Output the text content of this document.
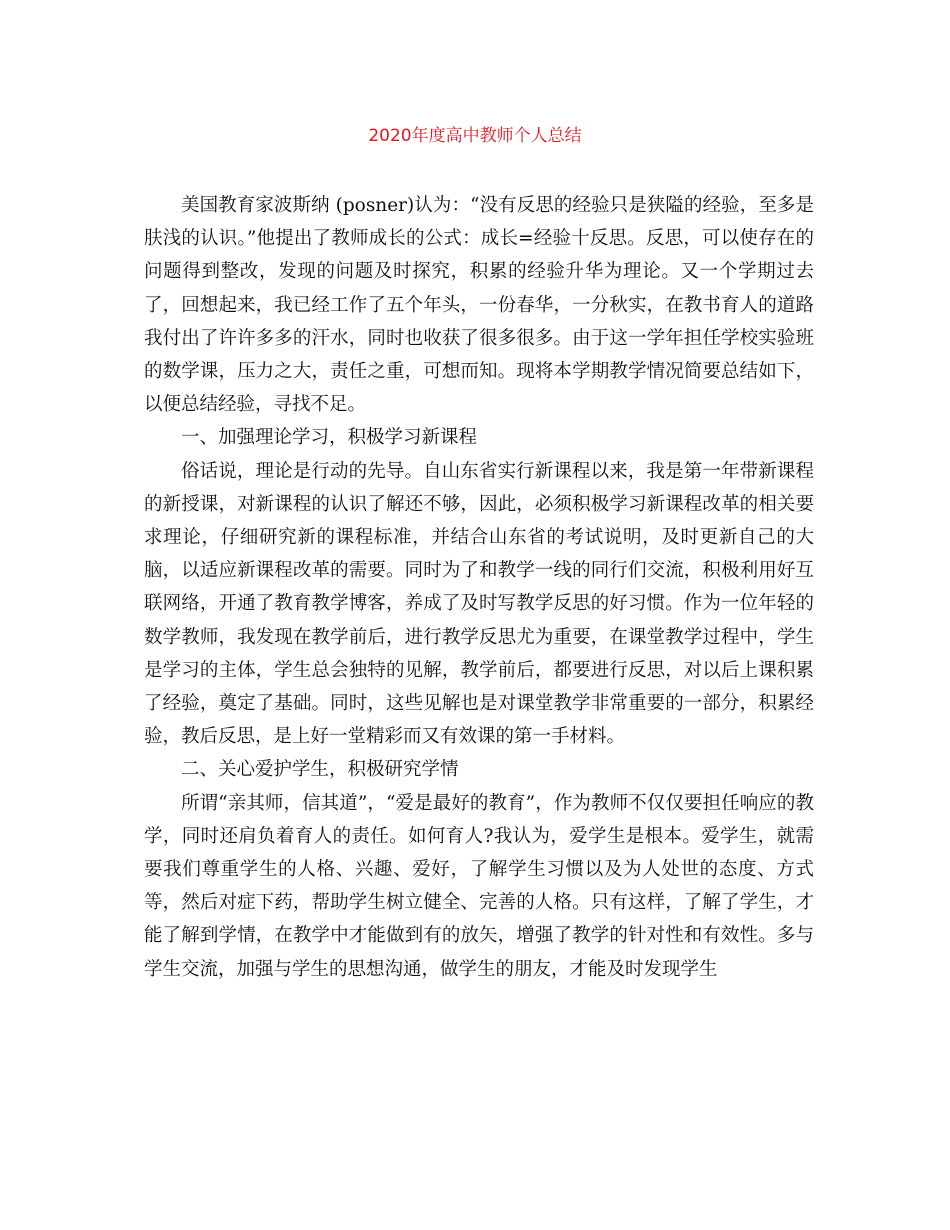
2020年度高中教师个人总结

美国教育家波斯纳 (posner)认为：“没有反思的经验只是狭隘的经验，至多是肤浅的认识。”他提出了教师成长的公式：成长=经验十反思。反思，可以使存在的问题得到整改，发现的问题及时探究，积累的经验升华为理论。又一个学期过去了，回想起来，我已经工作了五个年头，一份春华，一分秋实，在教书育人的道路我付出了许许多多的汗水，同时也收获了很多很多。由于这一学年担任学校实验班的数学课，压力之大，责任之重，可想而知。现将本学期教学情况简要总结如下，以便总结经验，寻找不足。

一、加强理论学习，积极学习新课程

俗话说，理论是行动的先导。自山东省实行新课程以来，我是第一年带新课程的新授课，对新课程的认识了解还不够，因此，必须积极学习新课程改革的相关要求理论，仔细研究新的课程标准，并结合山东省的考试说明，及时更新自己的大脑，以适应新课程改革的需要。同时为了和教学一线的同行们交流，积极利用好互联网络，开通了教育教学博客，养成了及时写教学反思的好习惯。作为一位年轻的数学教师，我发现在教学前后，进行教学反思尤为重要，在课堂教学过程中，学生是学习的主体，学生总会独特的见解，教学前后，都要进行反思，对以后上课积累了经验，奠定了基础。同时，这些见解也是对课堂教学非常重要的一部分，积累经验，教后反思，是上好一堂精彩而又有效课的第一手材料。

二、关心爱护学生，积极研究学情

所谓“亲其师，信其道”，“爱是最好的教育”，作为教师不仅仅要担任响应的教学，同时还肩负着育人的责任。如何育人?我认为，爱学生是根本。爱学生，就需要我们尊重学生的人格、兴趣、爱好，了解学生习惯以及为人处世的态度、方式等，然后对症下药，帮助学生树立健全、完善的人格。只有这样，了解了学生，才能了解到学情，在教学中才能做到有的放矢，增强了教学的针对性和有效性。多与学生交流，加强与学生的思想沟通，做学生的朋友，才能及时发现学生
